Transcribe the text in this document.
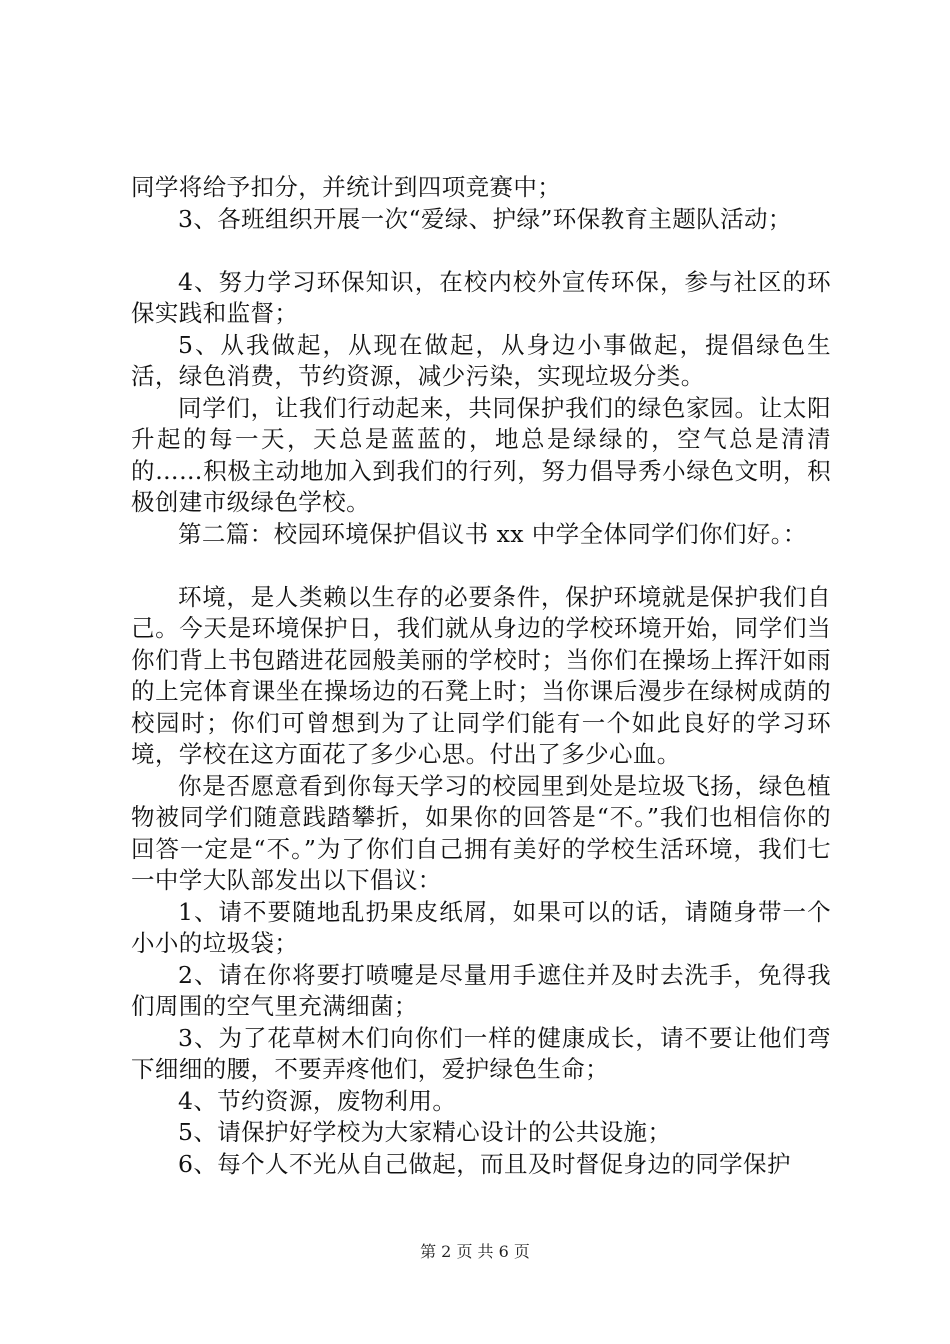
同学将给予扣分，并统计到四项竞赛中；

3、各班组织开展一次“爱绿、护绿”环保教育主题队活动；

4、努力学习环保知识，在校内校外宣传环保，参与社区的环保实践和监督；

5、从我做起，从现在做起，从身边小事做起，提倡绿色生活，绿色消费，节约资源，减少污染，实现垃圾分类。

同学们，让我们行动起来，共同保护我们的绿色家园。让太阳升起的每一天，天总是蓝蓝的，地总是绿绿的，空气总是清清的……积极主动地加入到我们的行列，努力倡导秀小绿色文明，积极创建市级绿色学校。

第二篇：校园环境保护倡议书 xx 中学全体同学们你们好。：

环境，是人类赖以生存的必要条件，保护环境就是保护我们自己。今天是环境保护日，我们就从身边的学校环境开始，同学们当你们背上书包踏进花园般美丽的学校时；当你们在操场上挥汗如雨的上完体育课坐在操场边的石凳上时；当你课后漫步在绿树成荫的校园时；你们可曾想到为了让同学们能有一个如此良好的学习环境，学校在这方面花了多少心思。付出了多少心血。

你是否愿意看到你每天学习的校园里到处是垃圾飞扬，绿色植物被同学们随意践踏攀折，如果你的回答是“不。”我们也相信你的回答一定是“不。”为了你们自己拥有美好的学校生活环境，我们七一中学大队部发出以下倡议：

1、请不要随地乱扔果皮纸屑，如果可以的话，请随身带一个小小的垃圾袋；

2、请在你将要打喷嚏是尽量用手遮住并及时去洗手，免得我们周围的空气里充满细菌；

3、为了花草树木们向你们一样的健康成长，请不要让他们弯下细细的腰，不要弄疼他们，爱护绿色生命；

4、节约资源，废物利用。

5、请保护好学校为大家精心设计的公共设施；

6、每个人不光从自己做起，而且及时督促身边的同学保护

第 2 页 共 6 页
